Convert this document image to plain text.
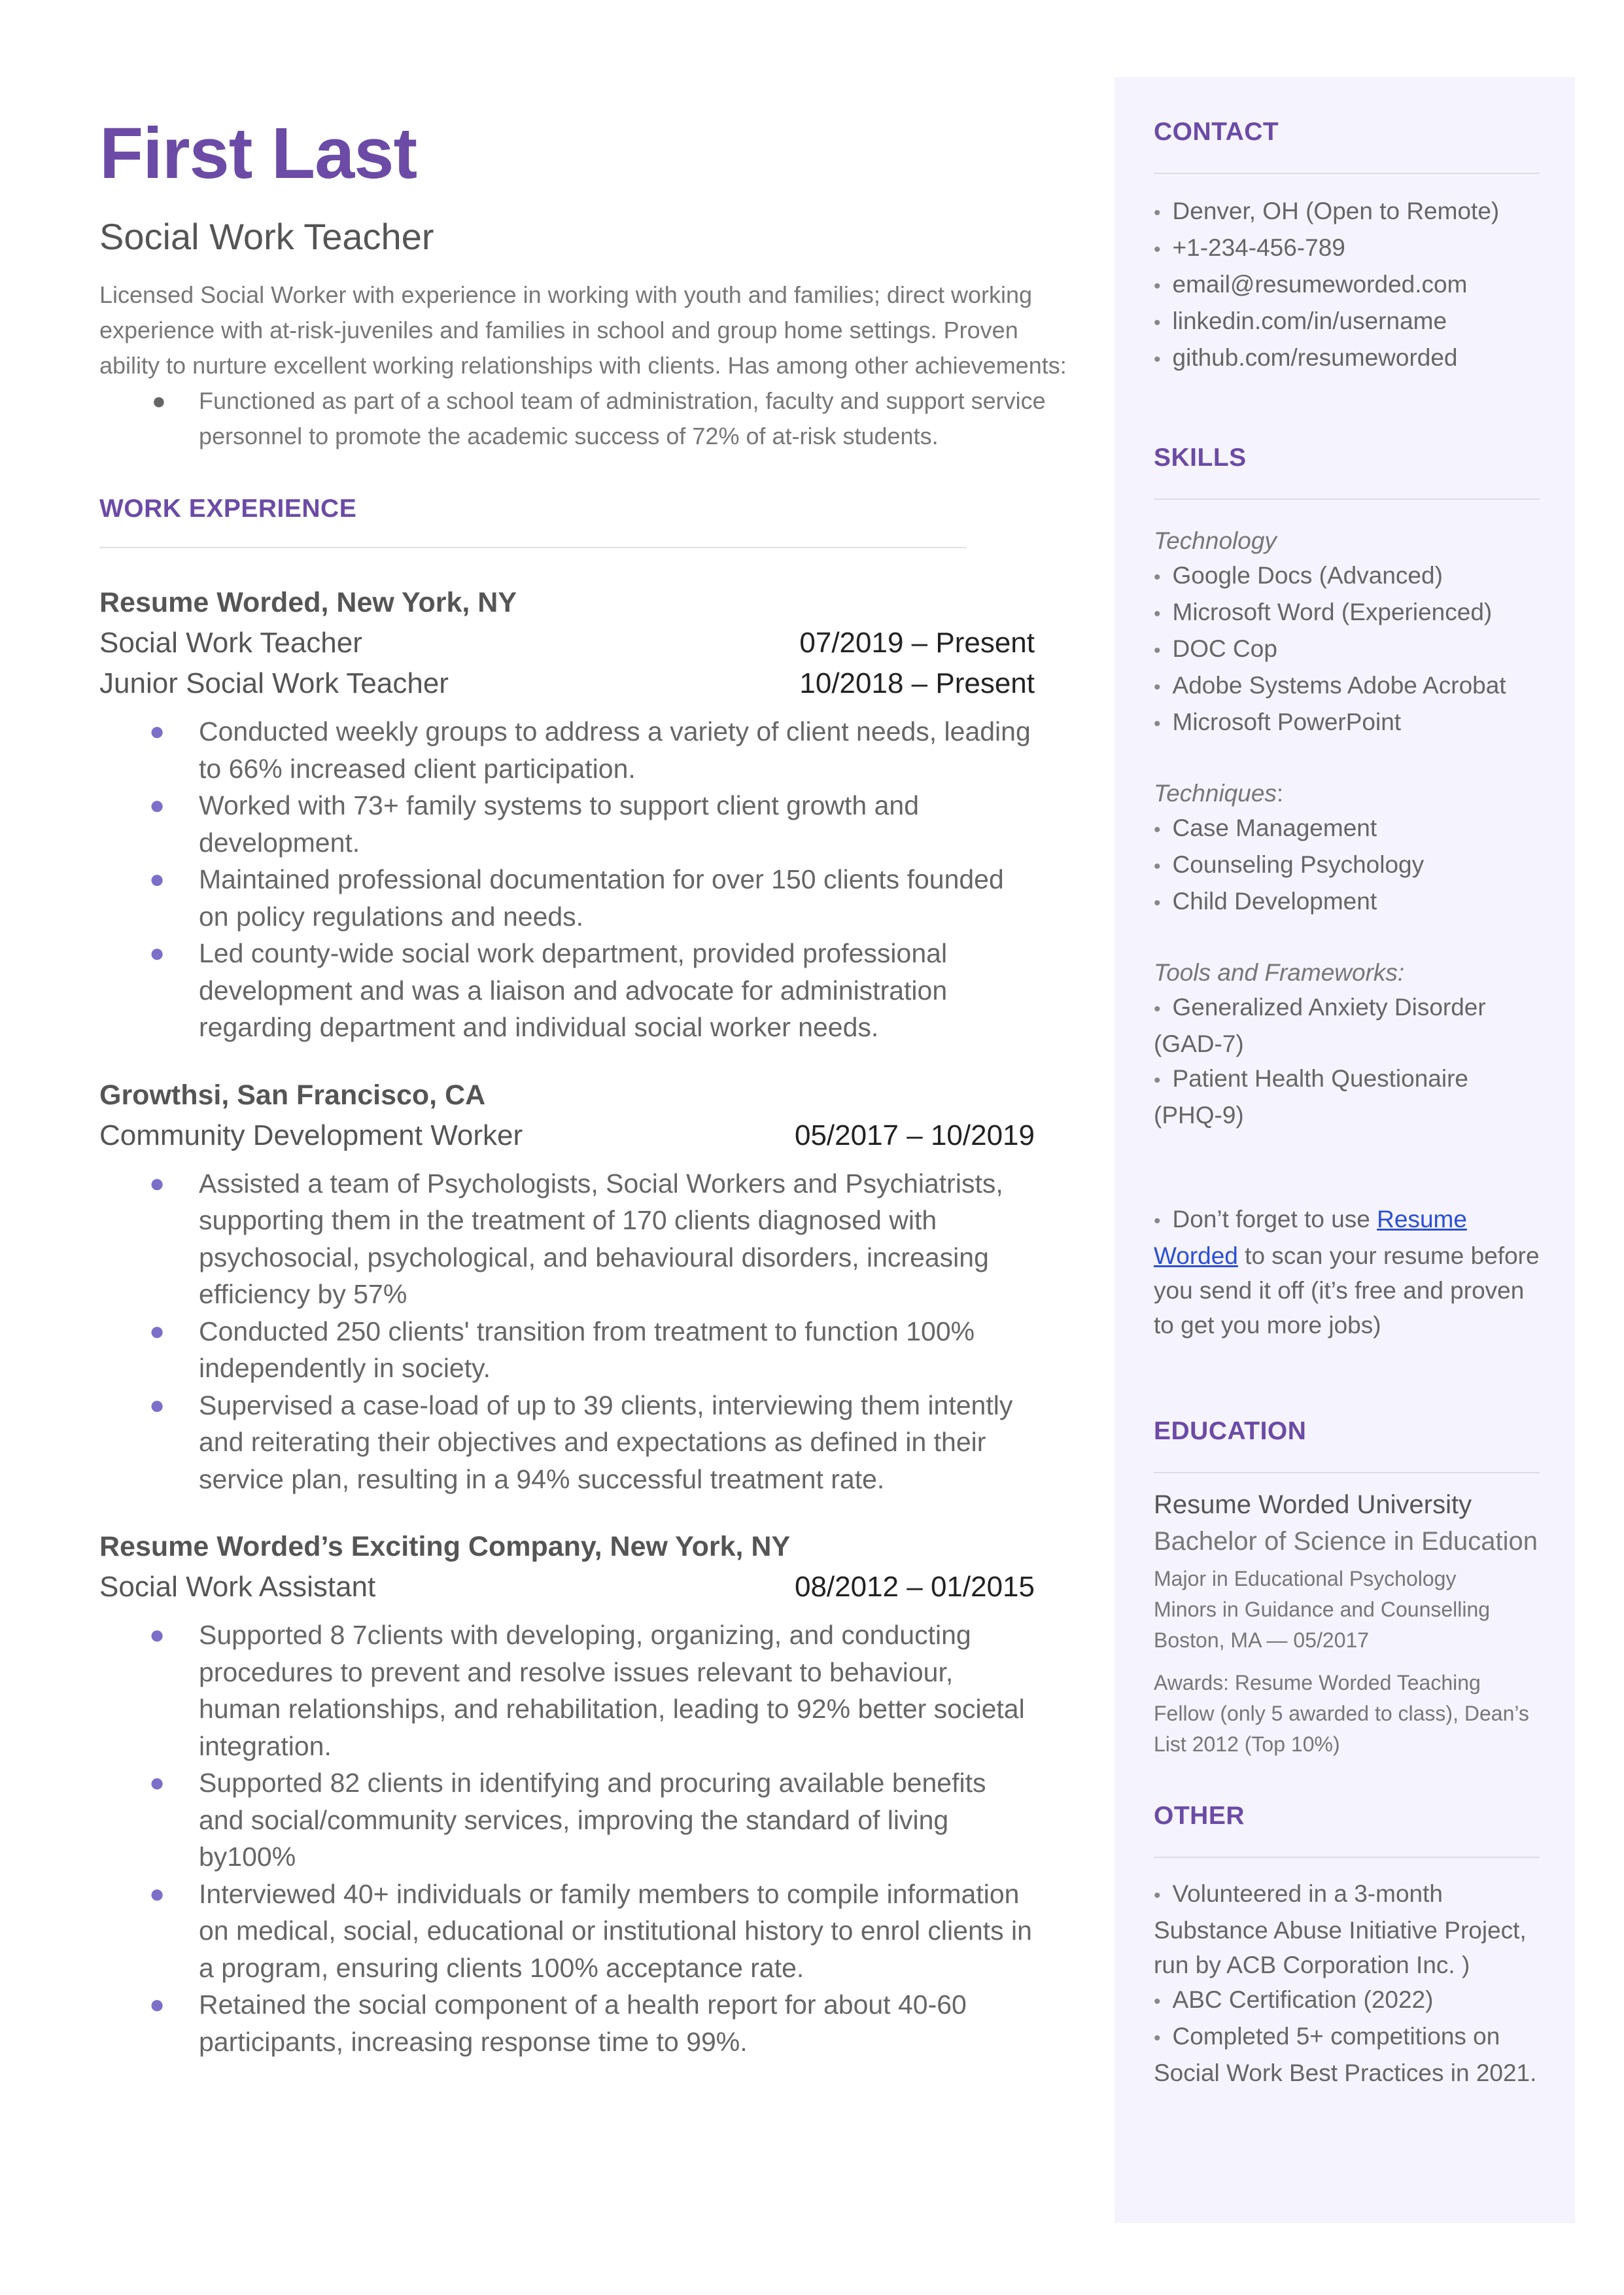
First Last
Social Work Teacher
Licensed Social Worker with experience in working with youth and families; direct working experience with at-risk-juveniles and families in school and group home settings. Proven ability to nurture excellent working relationships with clients. Has among other achievements:
● Functioned as part of a school team of administration, faculty and support service personnel to promote the academic success of 72% of at-risk students.
WORK EXPERIENCE
Resume Worded, New York, NY
Social Work Teacher	07/2019 – Present
Junior Social Work Teacher	10/2018 – Present
● Conducted weekly groups to address a variety of client needs, leading to 66% increased client participation.
● Worked with 73+ family systems to support client growth and development.
● Maintained professional documentation for over 150 clients founded on policy regulations and needs.
● Led county-wide social work department, provided professional development and was a liaison and advocate for administration regarding department and individual social worker needs.
Growthsi, San Francisco, CA
Community Development Worker	05/2017 – 10/2019
● Assisted a team of Psychologists, Social Workers and Psychiatrists, supporting them in the treatment of 170 clients diagnosed with psychosocial, psychological, and behavioural disorders, increasing efficiency by 57%
● Conducted 250 clients' transition from treatment to function 100% independently in society.
● Supervised a case-load of up to 39 clients, interviewing them intently and reiterating their objectives and expectations as defined in their service plan, resulting in a 94% successful treatment rate.
Resume Worded’s Exciting Company, New York, NY
Social Work Assistant	08/2012 – 01/2015
● Supported 8 7clients with developing, organizing, and conducting procedures to prevent and resolve issues relevant to behaviour, human relationships, and rehabilitation, leading to 92% better societal integration.
● Supported 82 clients in identifying and procuring available benefits and social/community services, improving the standard of living by100%
● Interviewed 40+ individuals or family members to compile information on medical, social, educational or institutional history to enrol clients in a program, ensuring clients 100% acceptance rate.
● Retained the social component of a health report for about 40-60 participants, increasing response time to 99%.
CONTACT
• Denver, OH (Open to Remote)
• +1-234-456-789
• email@resumeworded.com
• linkedin.com/in/username
• github.com/resumeworded
SKILLS
Technology
• Google Docs (Advanced)
• Microsoft Word (Experienced)
• DOC Cop
• Adobe Systems Adobe Acrobat
• Microsoft PowerPoint
Techniques:
• Case Management
• Counseling Psychology
• Child Development
Tools and Frameworks:
• Generalized Anxiety Disorder (GAD-7)
• Patient Health Questionaire (PHQ-9)
• Don’t forget to use Resume Worded to scan your resume before you send it off (it’s free and proven to get you more jobs)
EDUCATION
Resume Worded University
Bachelor of Science in Education
Major in Educational Psychology
Minors in Guidance and Counselling
Boston, MA — 05/2017
Awards: Resume Worded Teaching Fellow (only 5 awarded to class), Dean’s List 2012 (Top 10%)
OTHER
• Volunteered in a 3-month Substance Abuse Initiative Project, run by ACB Corporation Inc. )
• ABC Certification (2022)
• Completed 5+ competitions on Social Work Best Practices in 2021.
